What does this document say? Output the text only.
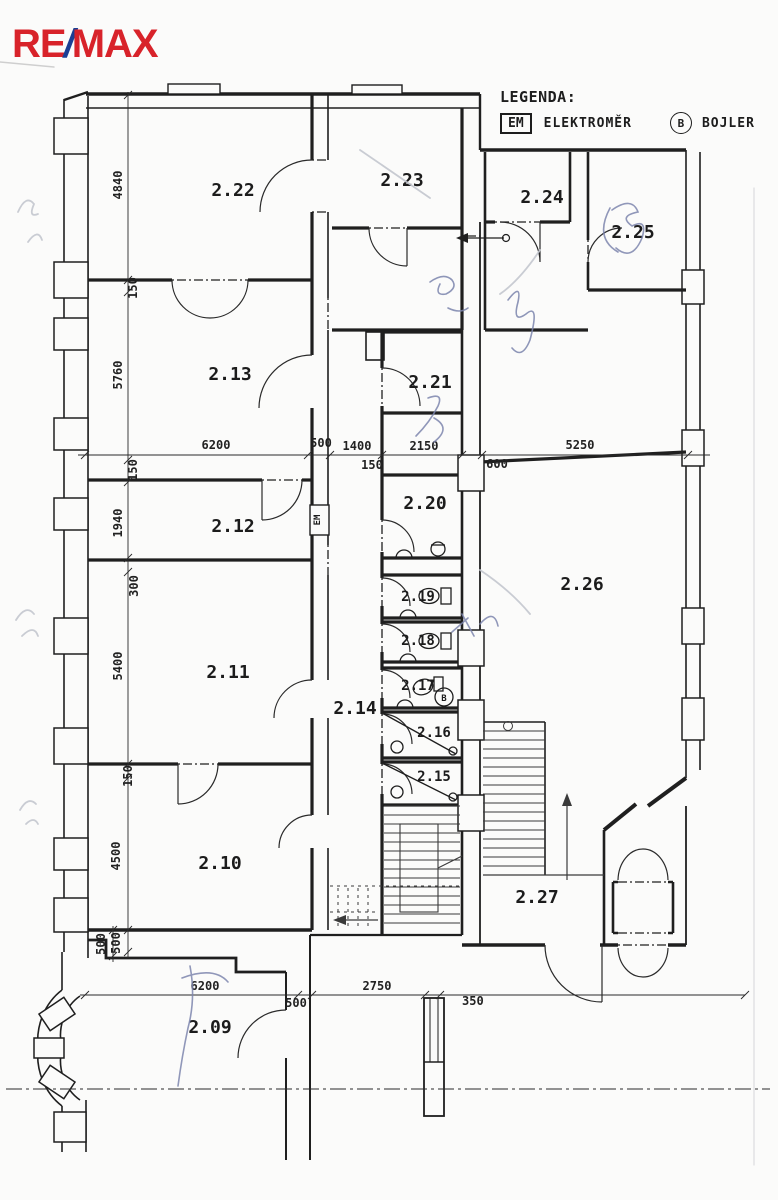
RE/MAX
LEGENDA:
EM	ELEKTROMĚR	B	BOJLER
B
EM
4840
150
5760
150
1940
300
5400
150
4500
500
6200	500 1400	2150
150	600
5250
6200
500
2750
350
500
2.22	2.23
2.24
2.25
2.13	2.21
2.12
2.20
2.26
2.11
2.14
2.19
2.18
2.17
2.16
2.15
2.10
2.27
2.09
